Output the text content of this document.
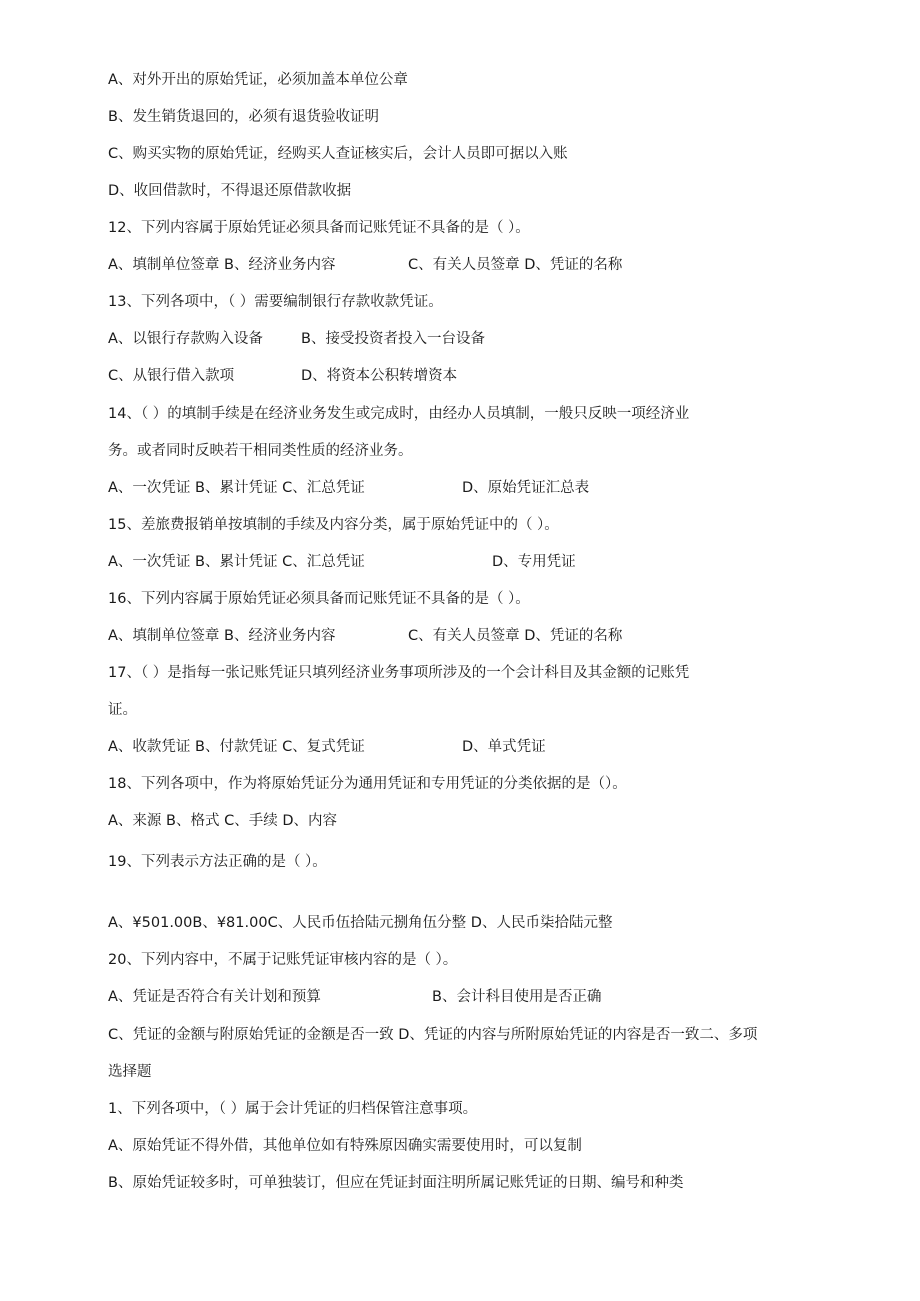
A、对外开出的原始凭证，必须加盖本单位公章
B、发生销货退回的，必须有退货验收证明
C、购买实物的原始凭证，经购买人查证核实后，会计人员即可据以入账
D、收回借款时，不得退还原借款收据
12、下列内容属于原始凭证必须具备而记账凭证不具备的是（ ）。
A、填制单位签章 B、经济业务内容	C、有关人员签章 D、凭证的名称
13、下列各项中，（ ）需要编制银行存款收款凭证。
A、以银行存款购入设备	B、接受投资者投入一台设备
C、从银行借入款项	D、将资本公积转增资本
14、（ ）的填制手续是在经济业务发生或完成时，由经办人员填制，一般只反映一项经济业
务。或者同时反映若干相同类性质的经济业务。
A、一次凭证 B、累计凭证 C、汇总凭证	D、原始凭证汇总表
15、差旅费报销单按填制的手续及内容分类，属于原始凭证中的（ ）。
A、一次凭证 B、累计凭证 C、汇总凭证	D、专用凭证
16、下列内容属于原始凭证必须具备而记账凭证不具备的是（ ）。
A、填制单位签章 B、经济业务内容	C、有关人员签章 D、凭证的名称
17、（ ）是指每一张记账凭证只填列经济业务事项所涉及的一个会计科目及其金额的记账凭
证。
A、收款凭证 B、付款凭证 C、复式凭证	D、单式凭证
18、下列各项中，作为将原始凭证分为通用凭证和专用凭证的分类依据的是（）。
A、来源 B、格式 C、手续 D、内容
19、下列表示方法正确的是（ ）。
A、¥501.00B、¥81.00C、人民币伍拾陆元捌角伍分整 D、人民币柒拾陆元整
20、下列内容中，不属于记账凭证审核内容的是（ ）。
A、凭证是否符合有关计划和预算	B、会计科目使用是否正确
C、凭证的金额与附原始凭证的金额是否一致 D、凭证的内容与所附原始凭证的内容是否一致二、多项
选择题
1、下列各项中，（ ）属于会计凭证的归档保管注意事项。
A、原始凭证不得外借，其他单位如有特殊原因确实需要使用时，可以复制
B、原始凭证较多时，可单独装订，但应在凭证封面注明所属记账凭证的日期、编号和种类
